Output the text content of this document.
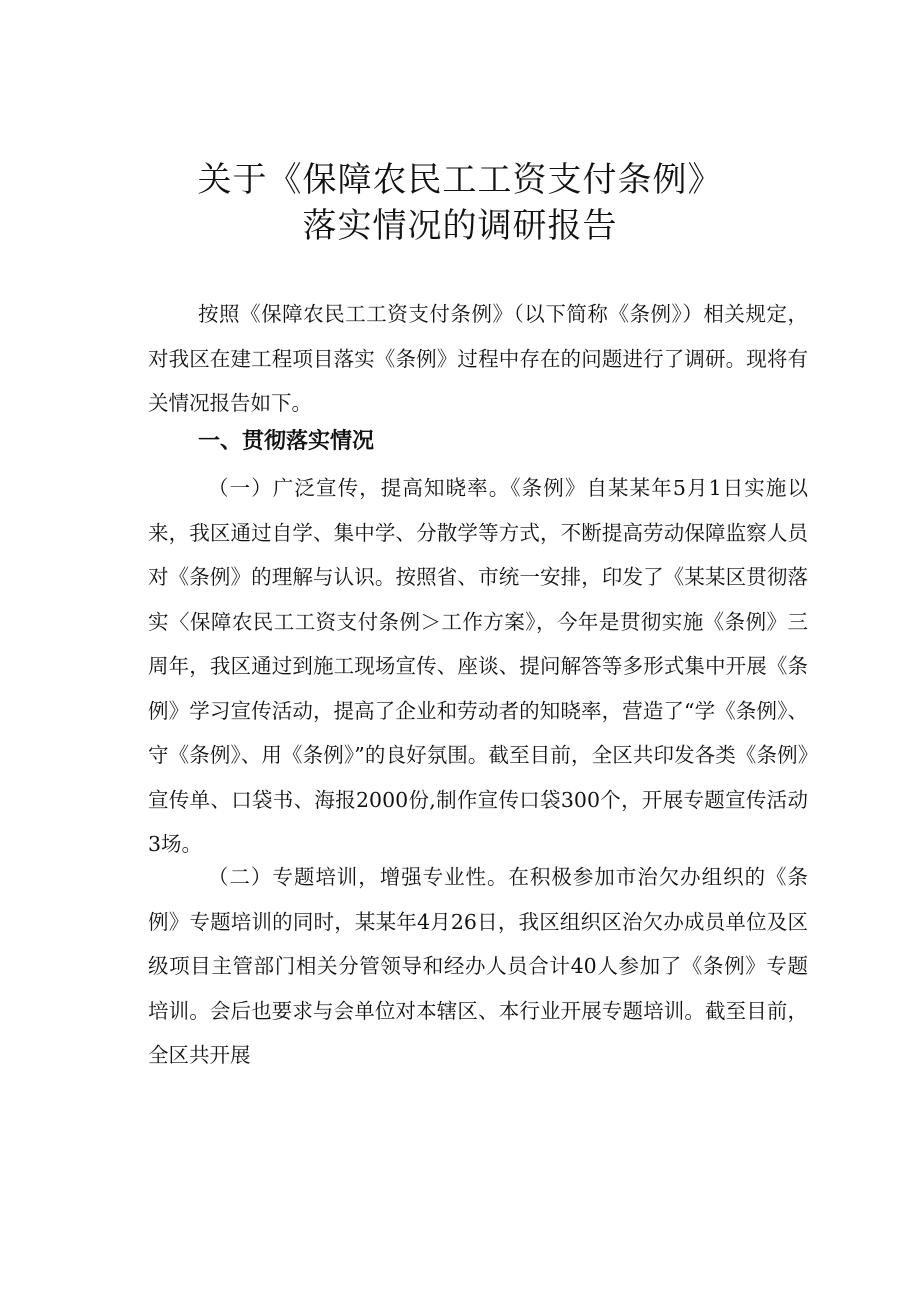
关于《保障农民工工资支付条例》
落实情况的调研报告

按照《保障农民工工资支付条例》（以下简称《条例》）相关规定，对我区在建工程项目落实《条例》过程中存在的问题进行了调研。现将有关情况报告如下。

一、贯彻落实情况

（一）广泛宣传，提高知晓率。《条例》自某某年5月1日实施以来，我区通过自学、集中学、分散学等方式，不断提高劳动保障监察人员对《条例》的理解与认识。按照省、市统一安排，印发了《某某区贯彻落实〈保障农民工工资支付条例＞工作方案》，今年是贯彻实施《条例》三周年，我区通过到施工现场宣传、座谈、提问解答等多形式集中开展《条例》学习宣传活动，提高了企业和劳动者的知晓率，营造了“学《条例》、守《条例》、用《条例》”的良好氛围。截至目前，全区共印发各类《条例》宣传单、口袋书、海报2000份,制作宣传口袋300个，开展专题宣传活动3场。

（二）专题培训，增强专业性。在积极参加市治欠办组织的《条例》专题培训的同时，某某年4月26日，我区组织区治欠办成员单位及区级项目主管部门相关分管领导和经办人员合计40人参加了《条例》专题培训。会后也要求与会单位对本辖区、本行业开展专题培训。截至目前，全区共开展
